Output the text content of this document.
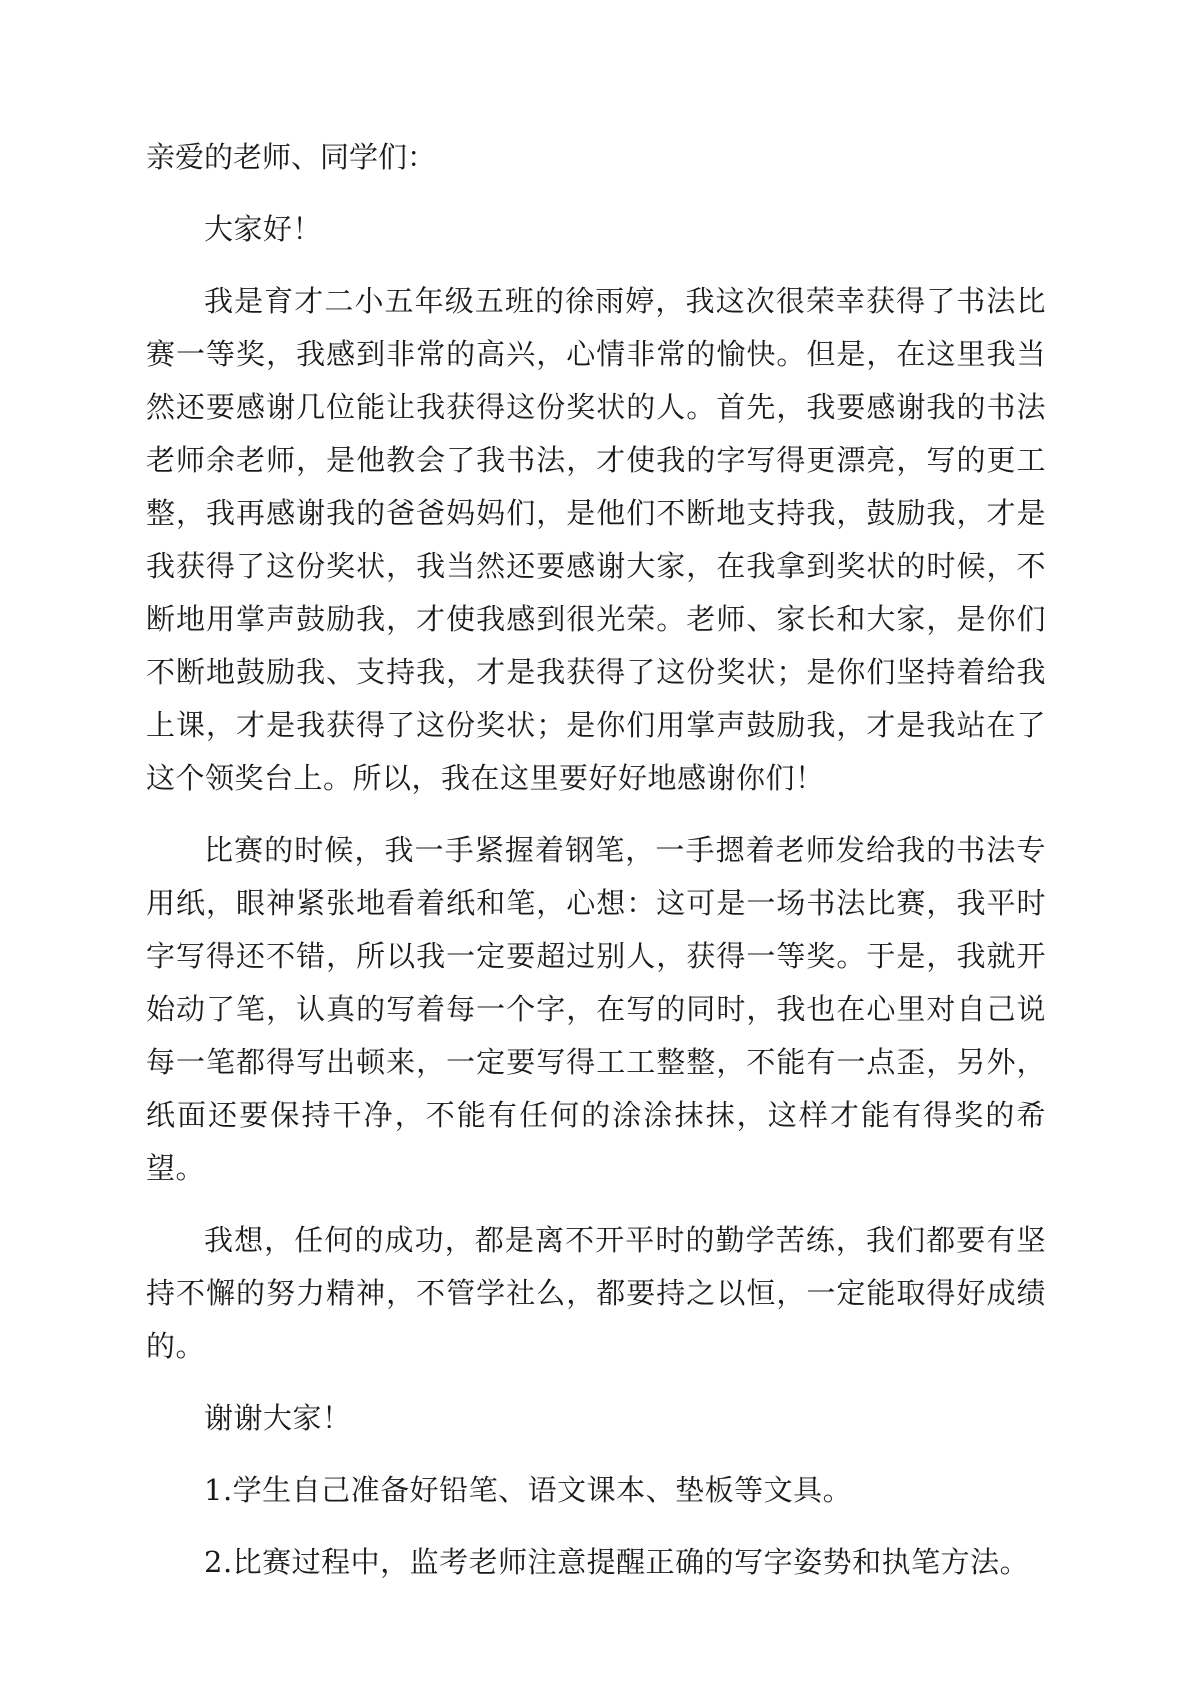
亲爱的老师、同学们：

大家好！

我是育才二小五年级五班的徐雨婷，我这次很荣幸获得了书法比赛一等奖，我感到非常的高兴，心情非常的愉快。但是，在这里我当然还要感谢几位能让我获得这份奖状的人。首先，我要感谢我的书法老师余老师，是他教会了我书法，才使我的字写得更漂亮，写的更工整，我再感谢我的爸爸妈妈们，是他们不断地支持我，鼓励我，才是我获得了这份奖状，我当然还要感谢大家，在我拿到奖状的时候，不断地用掌声鼓励我，才使我感到很光荣。老师、家长和大家，是你们不断地鼓励我、支持我，才是我获得了这份奖状；是你们坚持着给我上课，才是我获得了这份奖状；是你们用掌声鼓励我，才是我站在了这个领奖台上。所以，我在这里要好好地感谢你们！

比赛的时候，我一手紧握着钢笔，一手摁着老师发给我的书法专用纸，眼神紧张地看着纸和笔，心想：这可是一场书法比赛，我平时字写得还不错，所以我一定要超过别人，获得一等奖。于是，我就开始动了笔，认真的写着每一个字，在写的同时，我也在心里对自己说每一笔都得写出顿来，一定要写得工工整整，不能有一点歪，另外，纸面还要保持干净，不能有任何的涂涂抹抹，这样才能有得奖的希望。

我想，任何的成功，都是离不开平时的勤学苦练，我们都要有坚持不懈的努力精神，不管学社么，都要持之以恒，一定能取得好成绩的。

谢谢大家！

1.学生自己准备好铅笔、语文课本、垫板等文具。

2.比赛过程中，监考老师注意提醒正确的写字姿势和执笔方法。
